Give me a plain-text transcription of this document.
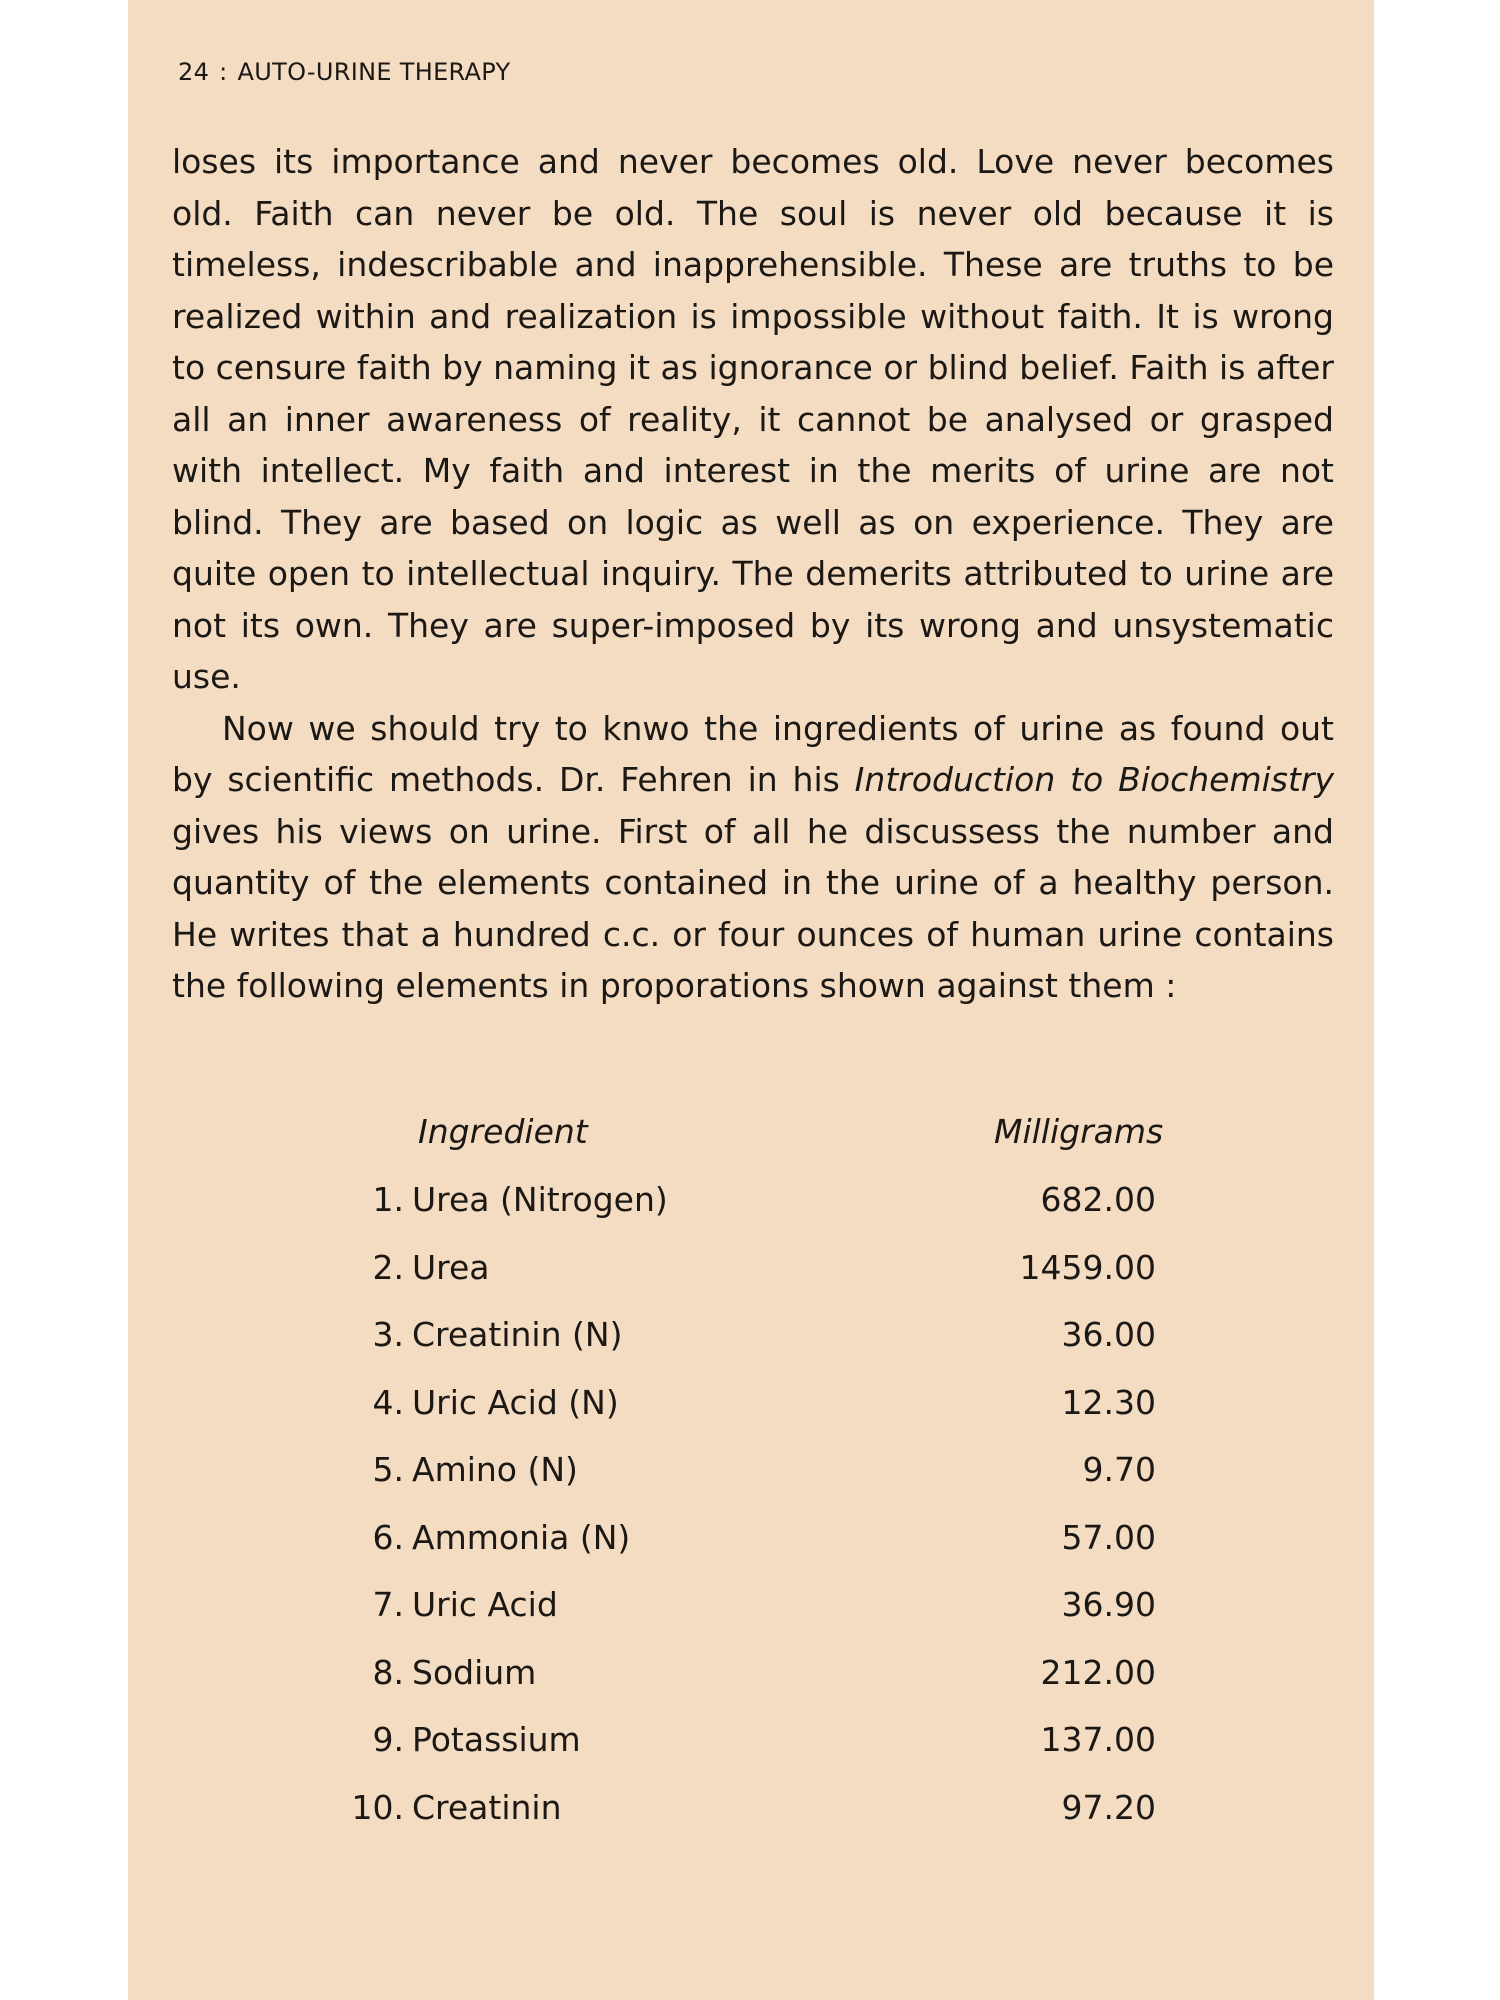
24 : AUTO-URINE THERAPY

loses its importance and never becomes old. Love never becomes old. Faith can never be old. The soul is never old because it is timeless, indescribable and inapprehensible. These are truths to be realized within and realization is impossible without faith. It is wrong to censure faith by naming it as ignorance or blind belief. Faith is after all an inner awareness of reality, it cannot be analysed or grasped with intellect. My faith and interest in the merits of urine are not blind. They are based on logic as well as on experience. They are quite open to intellectual inquiry. The demerits attributed to urine are not its own. They are super-imposed by its wrong and unsystematic use.

Now we should try to knwo the ingredients of urine as found out by scientific methods. Dr. Fehren in his Introduction to Biochemistry gives his views on urine. First of all he discussess the number and quantity of the elements contained in the urine of a healthy person. He writes that a hundred c.c. or four ounces of human urine contains the following elements in proporations shown against them :

Ingredient	Milligrams
1. Urea (Nitrogen)	682.00
2. Urea	1459.00
3. Creatinin (N)	36.00
4. Uric Acid (N)	12.30
5. Amino (N)	9.70
6. Ammonia (N)	57.00
7. Uric Acid	36.90
8. Sodium	212.00
9. Potassium	137.00
10. Creatinin	97.20
